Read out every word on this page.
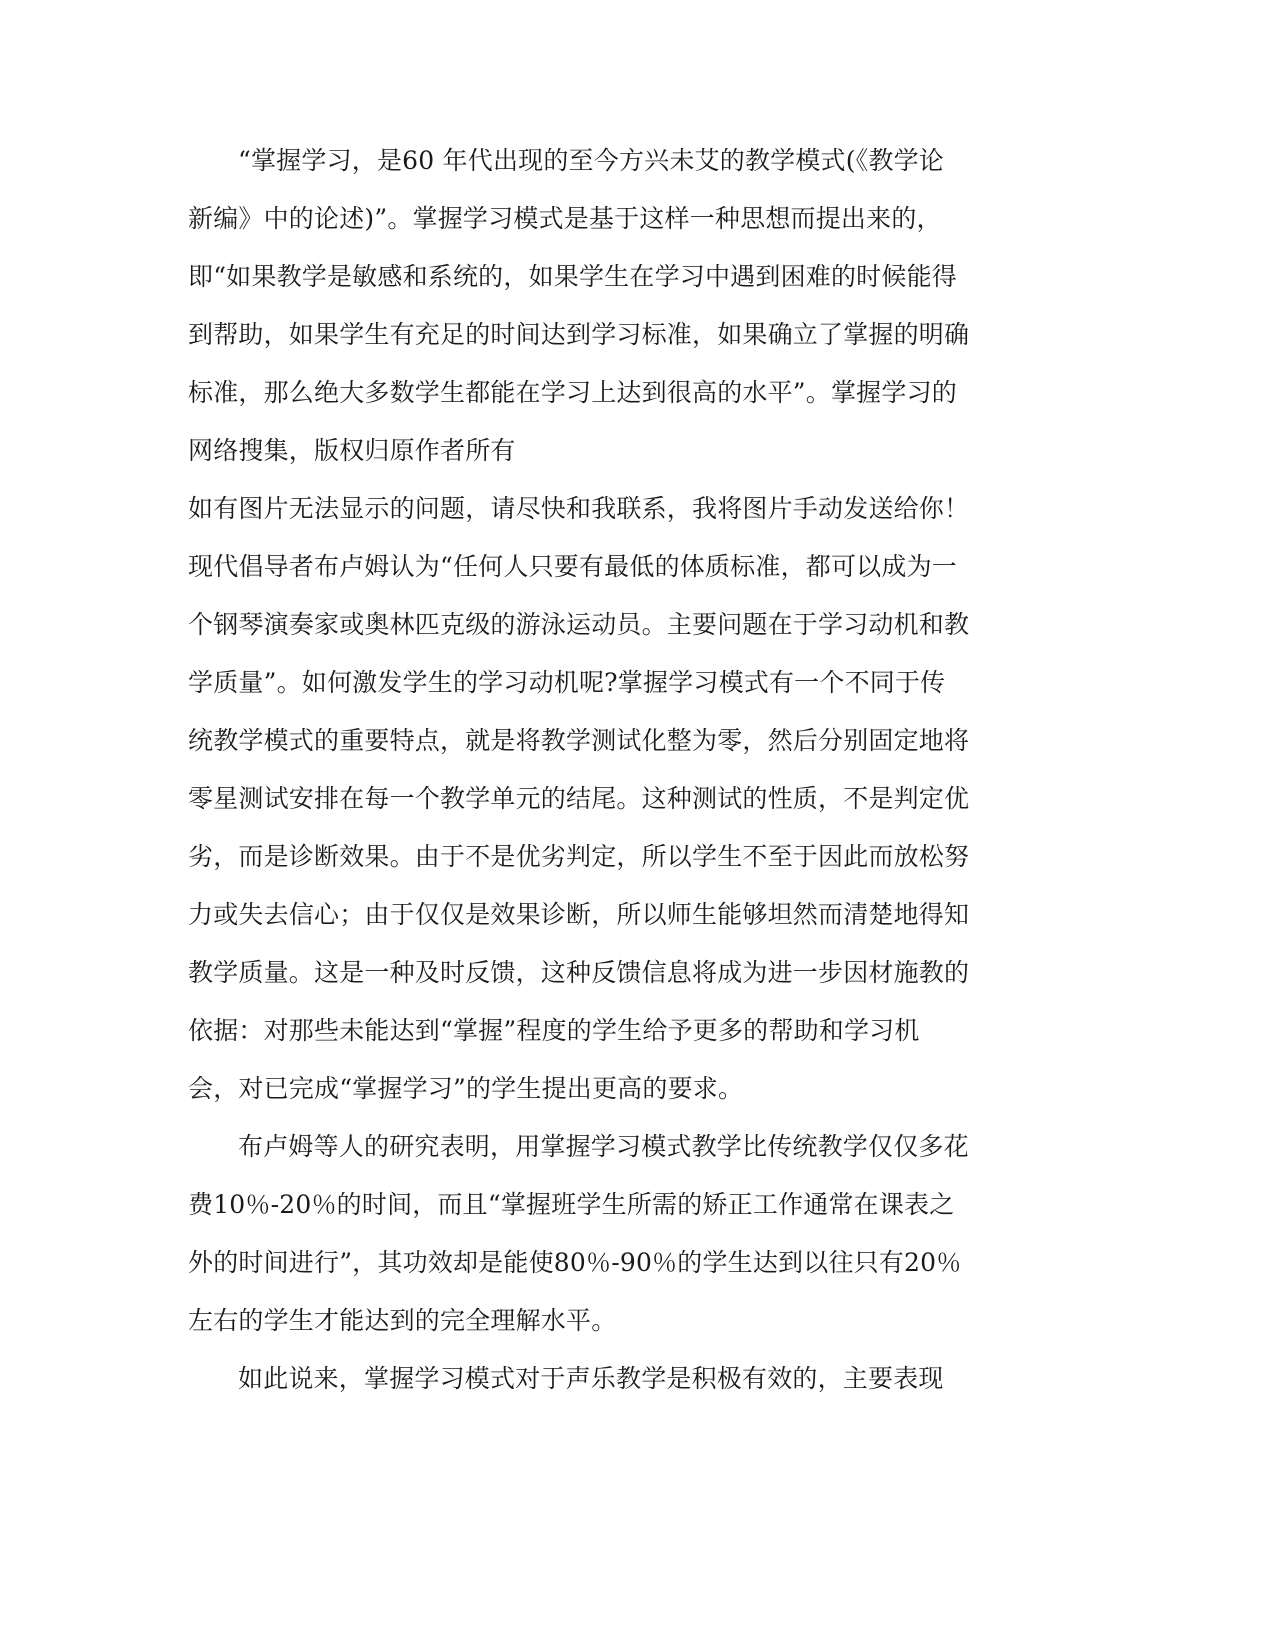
“掌握学习，是60 年代出现的至今方兴未艾的教学模式(《教学论
新编》中的论述)”。掌握学习模式是基于这样一种思想而提出来的，
即“如果教学是敏感和系统的，如果学生在学习中遇到困难的时候能得
到帮助，如果学生有充足的时间达到学习标准，如果确立了掌握的明确
标准，那么绝大多数学生都能在学习上达到很高的水平”。掌握学习的
网络搜集，版权归原作者所有
如有图片无法显示的问题，请尽快和我联系，我将图片手动发送给你！
现代倡导者布卢姆认为“任何人只要有最低的体质标准，都可以成为一
个钢琴演奏家或奥林匹克级的游泳运动员。主要问题在于学习动机和教
学质量”。如何激发学生的学习动机呢?掌握学习模式有一个不同于传
统教学模式的重要特点，就是将教学测试化整为零，然后分别固定地将
零星测试安排在每一个教学单元的结尾。这种测试的性质，不是判定优
劣，而是诊断效果。由于不是优劣判定，所以学生不至于因此而放松努
力或失去信心；由于仅仅是效果诊断，所以师生能够坦然而清楚地得知
教学质量。这是一种及时反馈，这种反馈信息将成为进一步因材施教的
依据：对那些未能达到“掌握”程度的学生给予更多的帮助和学习机
会，对已完成“掌握学习”的学生提出更高的要求。
布卢姆等人的研究表明，用掌握学习模式教学比传统教学仅仅多花
费10％-20％的时间，而且“掌握班学生所需的矫正工作通常在课表之
外的时间进行”，其功效却是能使80％-90％的学生达到以往只有20％
左右的学生才能达到的完全理解水平。
如此说来，掌握学习模式对于声乐教学是积极有效的，主要表现
